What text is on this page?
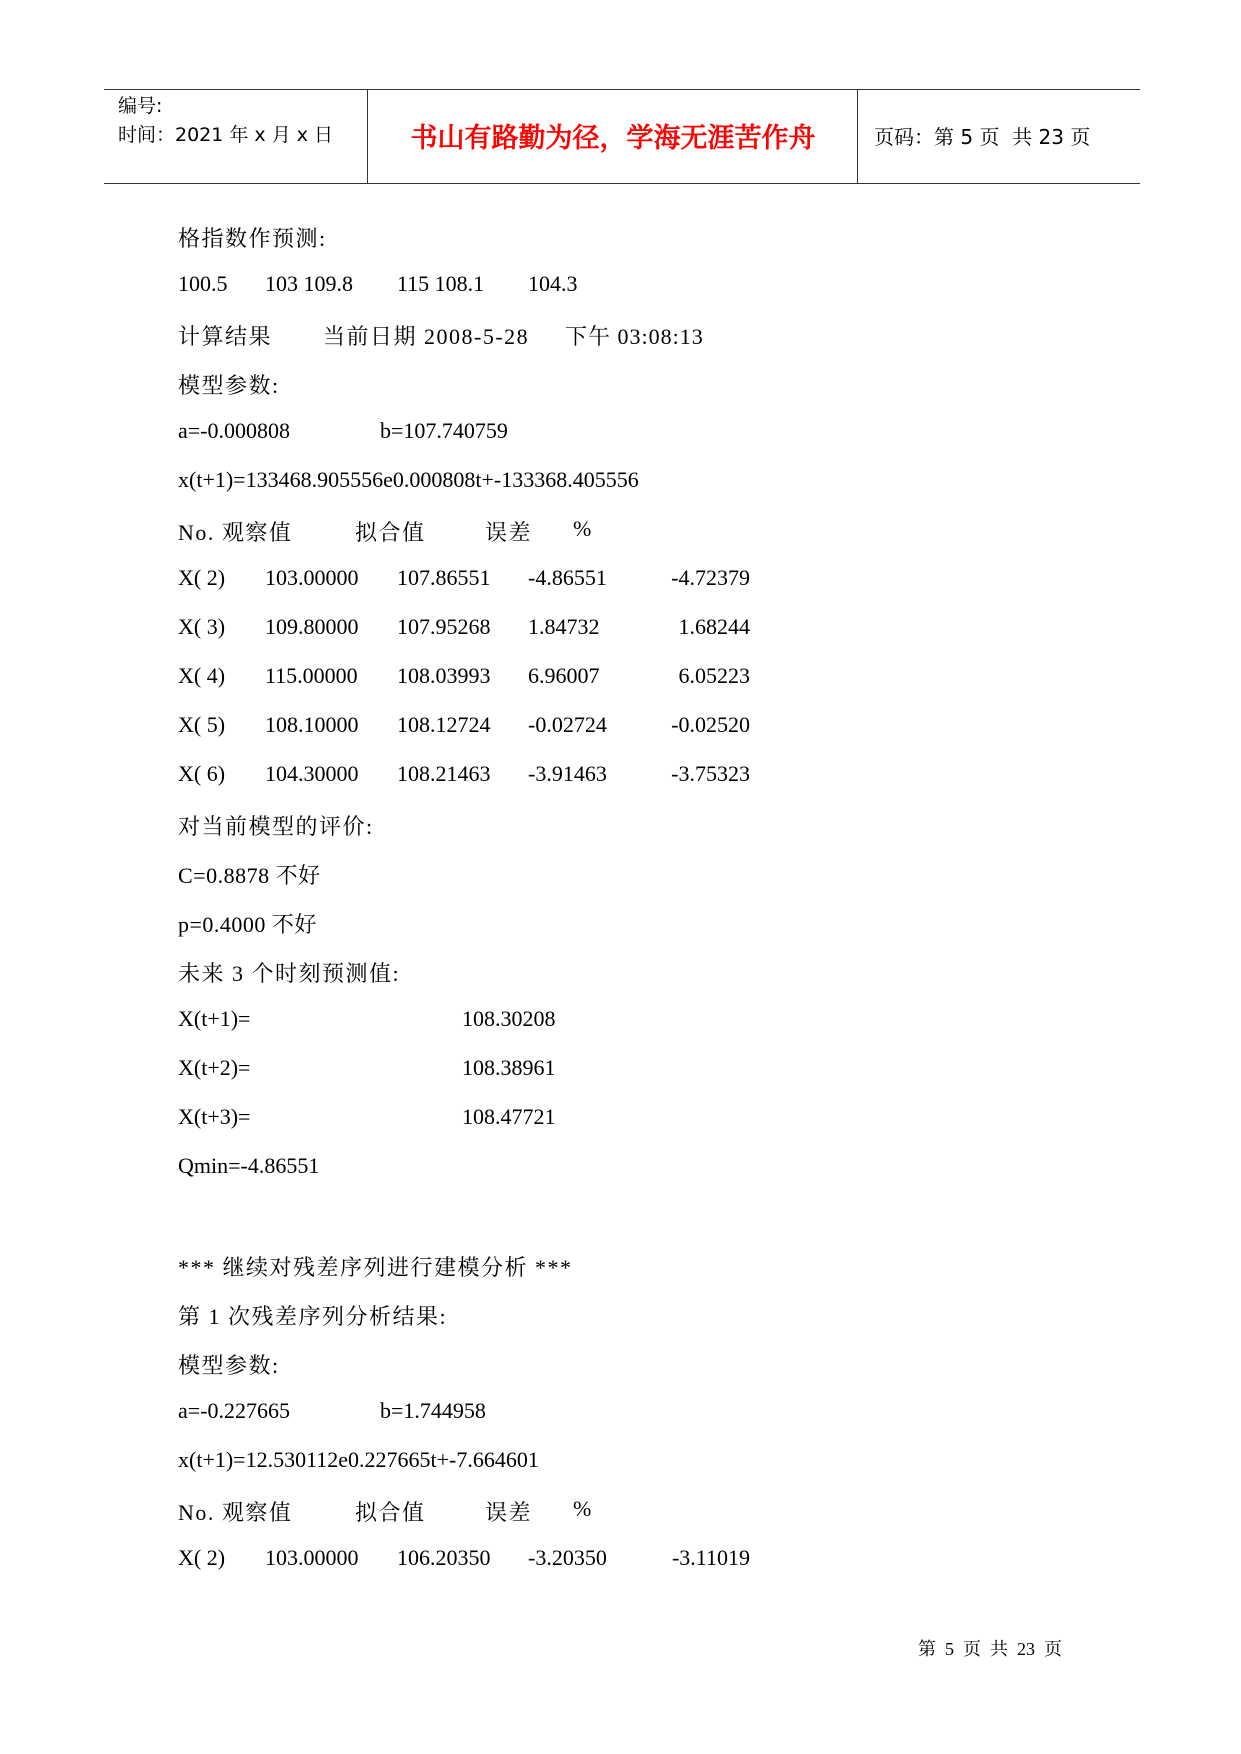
编号:
时间：2021 年 x 月 x 日	书山有路勤为径，学海无涯苦作舟	页码：第 5 页  共 23 页
格指数作预测:
100.5 103 109.8 115 108.1 104.3
计算结果 当前日期 2008-5-28 下午 03:08:13
模型参数:
a=-0.000808	b=107.740759
x(t+1)=133468.905556e0.000808t+-133368.405556
No. 观察值	拟合值	误差 %
X( 2) 103.00000 107.86551 -4.86551	-4.72379
X( 3) 109.80000 107.95268 1.84732	1.68244
X( 4) 115.00000 108.03993 6.96007	6.05223
X( 5) 108.10000 108.12724 -0.02724	-0.02520
X( 6) 104.30000 108.21463 -3.91463	-3.75323
对当前模型的评价:
C=0.8878 不好
p=0.4000 不好
未来 3 个时刻预测值:
X(t+1)=	108.30208
X(t+2)=	108.38961
X(t+3)=	108.47721
Qmin=-4.86551
*** 继续对残差序列进行建模分析 ***
第 1 次残差序列分析结果:
模型参数:
a=-0.227665	b=1.744958
x(t+1)=12.530112e0.227665t+-7.664601
No. 观察值	拟合值	误差 %
X( 2) 103.00000 106.20350 -3.20350	-3.11019
第  5  页  共  23  页
